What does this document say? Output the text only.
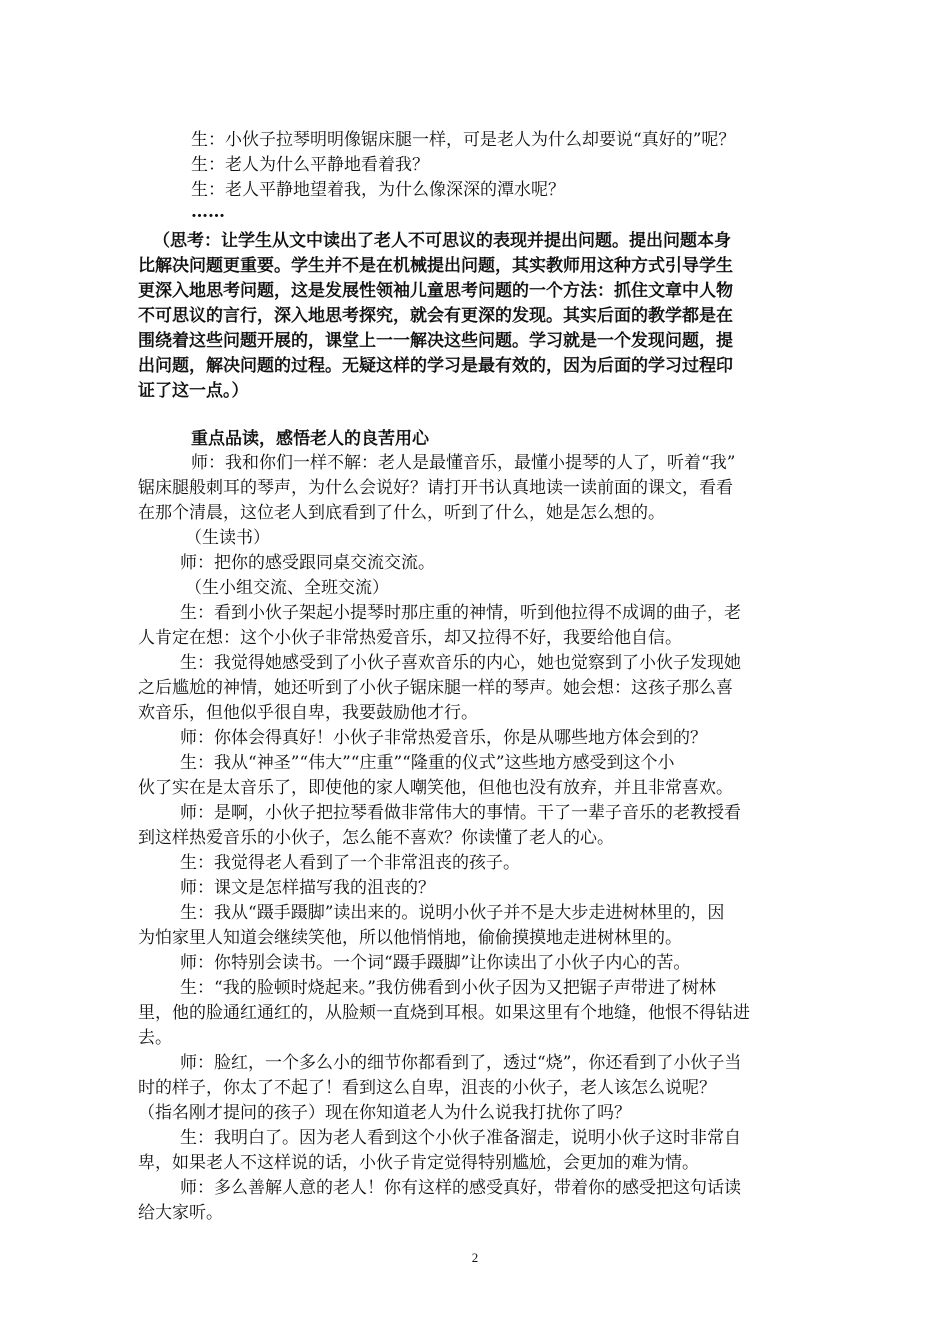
生：小伙子拉琴明明像锯床腿一样，可是老人为什么却要说“真好的”呢？
生：老人为什么平静地看着我？
生：老人平静地望着我，为什么像深深的潭水呢？
……
（思考：让学生从文中读出了老人不可思议的表现并提出问题。提出问题本身
比解决问题更重要。学生并不是在机械提出问题，其实教师用这种方式引导学生
更深入地思考问题，这是发展性领袖儿童思考问题的一个方法：抓住文章中人物
不可思议的言行，深入地思考探究，就会有更深的发现。其实后面的教学都是在
围绕着这些问题开展的，课堂上一一解决这些问题。学习就是一个发现问题，提
出问题，解决问题的过程。无疑这样的学习是最有效的，因为后面的学习过程印
证了这一点。）
重点品读，感悟老人的良苦用心
师：我和你们一样不解：老人是最懂音乐，最懂小提琴的人了，听着“我”
锯床腿般刺耳的琴声，为什么会说好？请打开书认真地读一读前面的课文，看看
在那个清晨，这位老人到底看到了什么，听到了什么，她是怎么想的。
（生读书）
师：把你的感受跟同桌交流交流。
（生小组交流、全班交流）
生：看到小伙子架起小提琴时那庄重的神情，听到他拉得不成调的曲子，老
人肯定在想：这个小伙子非常热爱音乐，却又拉得不好，我要给他自信。
生：我觉得她感受到了小伙子喜欢音乐的内心，她也觉察到了小伙子发现她
之后尴尬的神情，她还听到了小伙子锯床腿一样的琴声。她会想：这孩子那么喜
欢音乐，但他似乎很自卑，我要鼓励他才行。
师：你体会得真好！小伙子非常热爱音乐，你是从哪些地方体会到的？
生：我从“神圣”“伟大”“庄重”“隆重的仪式”这些地方感受到这个小
伙了实在是太音乐了，即使他的家人嘲笑他，但他也没有放弃，并且非常喜欢。
师：是啊，小伙子把拉琴看做非常伟大的事情。干了一辈子音乐的老教授看
到这样热爱音乐的小伙子，怎么能不喜欢？你读懂了老人的心。
生：我觉得老人看到了一个非常沮丧的孩子。
师：课文是怎样描写我的沮丧的？
生：我从“蹑手蹑脚”读出来的。说明小伙子并不是大步走进树林里的，因
为怕家里人知道会继续笑他，所以他悄悄地，偷偷摸摸地走进树林里的。
师：你特别会读书。一个词“蹑手蹑脚”让你读出了小伙子内心的苦。
生：“我的脸顿时烧起来。”我仿佛看到小伙子因为又把锯子声带进了树林
里，他的脸通红通红的，从脸颊一直烧到耳根。如果这里有个地缝，他恨不得钻进
去。
师：脸红，一个多么小的细节你都看到了，透过“烧”，你还看到了小伙子当
时的样子，你太了不起了！看到这么自卑，沮丧的小伙子，老人该怎么说呢？
（指名刚才提问的孩子）现在你知道老人为什么说我打扰你了吗？
生：我明白了。因为老人看到这个小伙子准备溜走，说明小伙子这时非常自
卑，如果老人不这样说的话，小伙子肯定觉得特别尴尬，会更加的难为情。
师：多么善解人意的老人！你有这样的感受真好，带着你的感受把这句话读
给大家听。
2
